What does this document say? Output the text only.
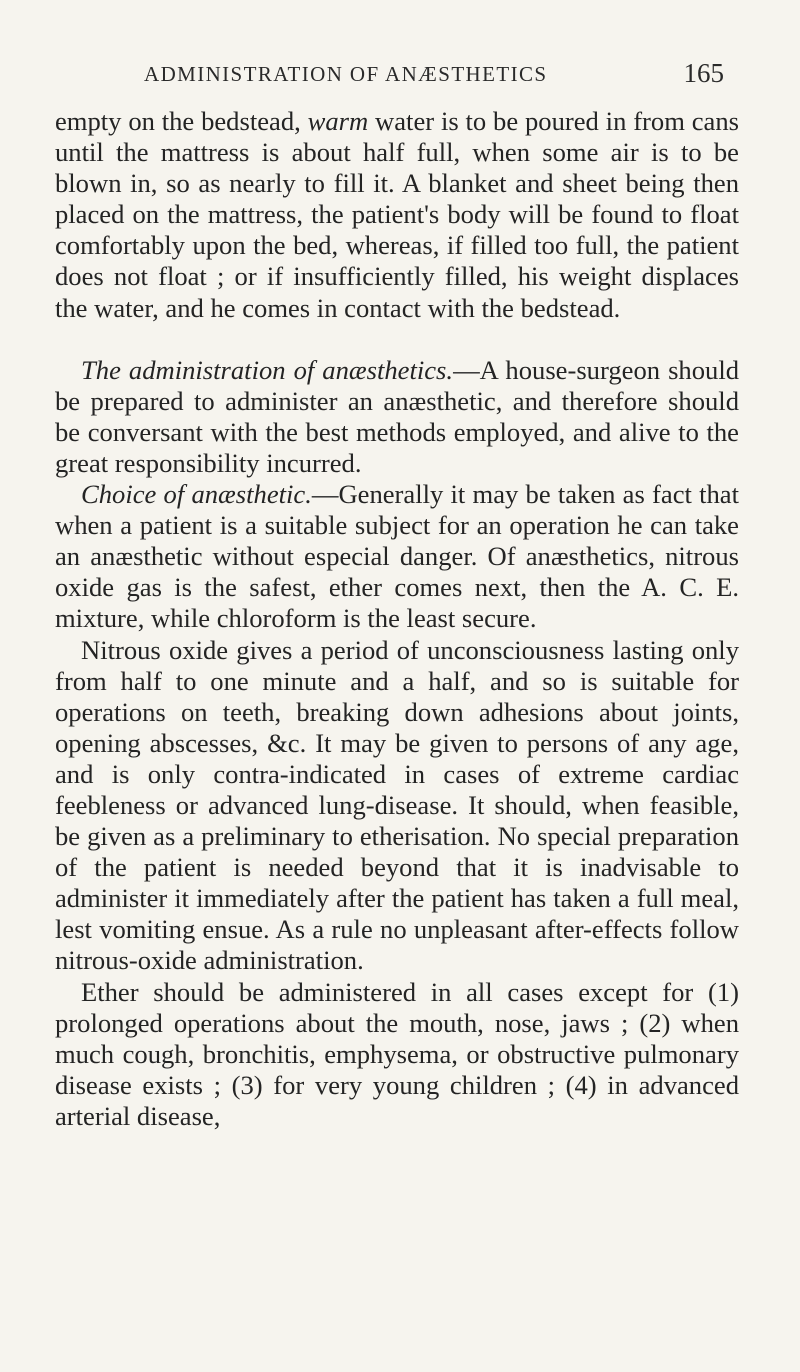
ADMINISTRATION OF ANÆSTHETICS	165

empty on the bedstead, warm water is to be poured in from cans until the mattress is about half full, when some air is to be blown in, so as nearly to fill it. A blanket and sheet being then placed on the mattress, the patient's body will be found to float comfortably upon the bed, whereas, if filled too full, the patient does not float ; or if insufficiently filled, his weight displaces the water, and he comes in contact with the bedstead.

The administration of anæsthetics.—A house-surgeon should be prepared to administer an anæsthetic, and therefore should be conversant with the best methods employed, and alive to the great responsibility incurred.

Choice of anæsthetic.—Generally it may be taken as fact that when a patient is a suitable subject for an operation he can take an anæsthetic without especial danger. Of anæsthetics, nitrous oxide gas is the safest, ether comes next, then the A. C. E. mixture, while chloroform is the least secure.

Nitrous oxide gives a period of unconsciousness lasting only from half to one minute and a half, and so is suitable for operations on teeth, breaking down adhesions about joints, opening abscesses, &c. It may be given to persons of any age, and is only contra-indicated in cases of extreme cardiac feebleness or advanced lung-disease. It should, when feasible, be given as a preliminary to etherisation. No special preparation of the patient is needed beyond that it is inadvisable to administer it immediately after the patient has taken a full meal, lest vomiting ensue. As a rule no unpleasant after-effects follow nitrous-oxide administration.

Ether should be administered in all cases except for (1) prolonged operations about the mouth, nose, jaws ; (2) when much cough, bronchitis, emphysema, or obstructive pulmonary disease exists ; (3) for very young children ; (4) in advanced arterial disease,
